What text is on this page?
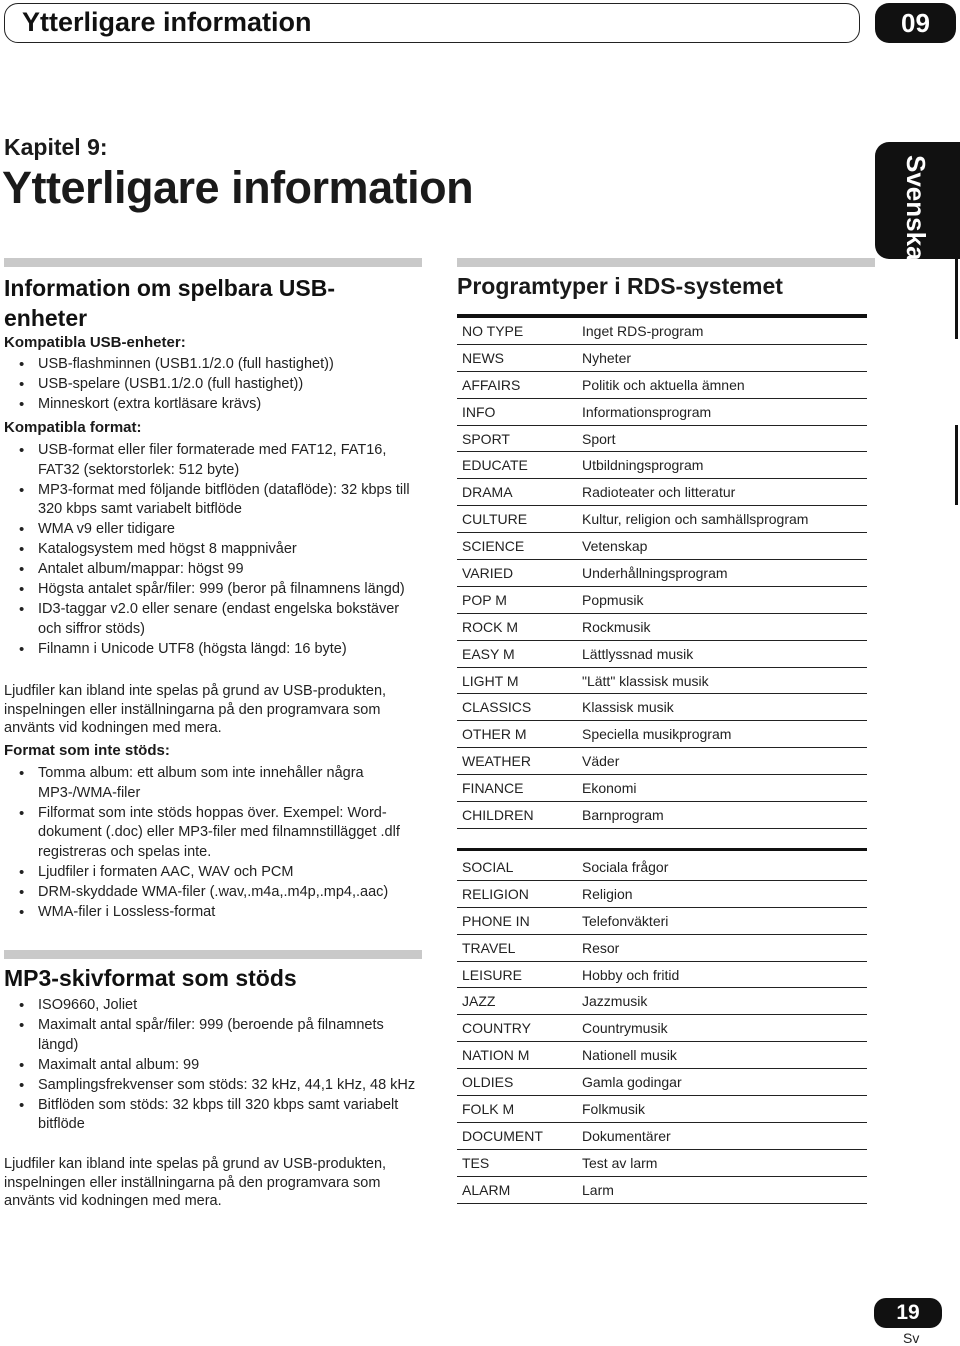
Ytterligare information	09
Svenska
Kapitel 9:
Ytterligare information
Information om spelbara USB-
enheter
Kompatibla USB-enheter:
• USB-flashminnen (USB1.1/2.0 (full hastighet))
• USB-spelare (USB1.1/2.0 (full hastighet))
• Minneskort (extra kortläsare krävs)
Kompatibla format:
• USB-format eller filer formaterade med FAT12, FAT16, FAT32 (sektorstorlek: 512 byte)
• MP3-format med följande bitflöden (dataflöde): 32 kbps till 320 kbps samt variabelt bitflöde
• WMA v9 eller tidigare
• Katalogsystem med högst 8 mappnivåer
• Antalet album/mappar: högst 99
• Högsta antalet spår/filer: 999 (beror på filnamnens längd)
• ID3-taggar v2.0 eller senare (endast engelska bokstäver och siffror stöds)
• Filnamn i Unicode UTF8 (högsta längd: 16 byte)
Ljudfiler kan ibland inte spelas på grund av USB-produkten, inspelningen eller inställningarna på den programvara som använts vid kodningen med mera.
Format som inte stöds:
• Tomma album: ett album som inte innehåller några MP3-/WMA-filer
• Filformat som inte stöds hoppas över. Exempel: Word-dokument (.doc) eller MP3-filer med filnamnstillägget .dlf registreras och spelas inte.
• Ljudfiler i formaten AAC, WAV och PCM
• DRM-skyddade WMA-filer (.wav,.m4a,.m4p,.mp4,.aac)
• WMA-filer i Lossless-format
MP3-skivformat som stöds
• ISO9660, Joliet
• Maximalt antal spår/filer: 999 (beroende på filnamnets längd)
• Maximalt antal album: 99
• Samplingsfrekvenser som stöds: 32 kHz, 44,1 kHz, 48 kHz
• Bitflöden som stöds: 32 kbps till 320 kbps samt variabelt bitflöde
Ljudfiler kan ibland inte spelas på grund av USB-produkten, inspelningen eller inställningarna på den programvara som använts vid kodningen med mera.
Programtyper i RDS-systemet
NO TYPE	Inget RDS-program
NEWS	Nyheter
AFFAIRS	Politik och aktuella ämnen
INFO	Informationsprogram
SPORT	Sport
EDUCATE	Utbildningsprogram
DRAMA	Radioteater och litteratur
CULTURE	Kultur, religion och samhällsprogram
SCIENCE	Vetenskap
VARIED	Underhållningsprogram
POP M	Popmusik
ROCK M	Rockmusik
EASY M	Lättlyssnad musik
LIGHT M	"Lätt" klassisk musik
CLASSICS	Klassisk musik
OTHER M	Speciella musikprogram
WEATHER	Väder
FINANCE	Ekonomi
CHILDREN	Barnprogram
SOCIAL	Sociala frågor
RELIGION	Religion
PHONE IN	Telefonväkteri
TRAVEL	Resor
LEISURE	Hobby och fritid
JAZZ	Jazzmusik
COUNTRY	Countrymusik
NATION M	Nationell musik
OLDIES	Gamla godingar
FOLK M	Folkmusik
DOCUMENT	Dokumentärer
TES	Test av larm
ALARM	Larm
19
Sv
